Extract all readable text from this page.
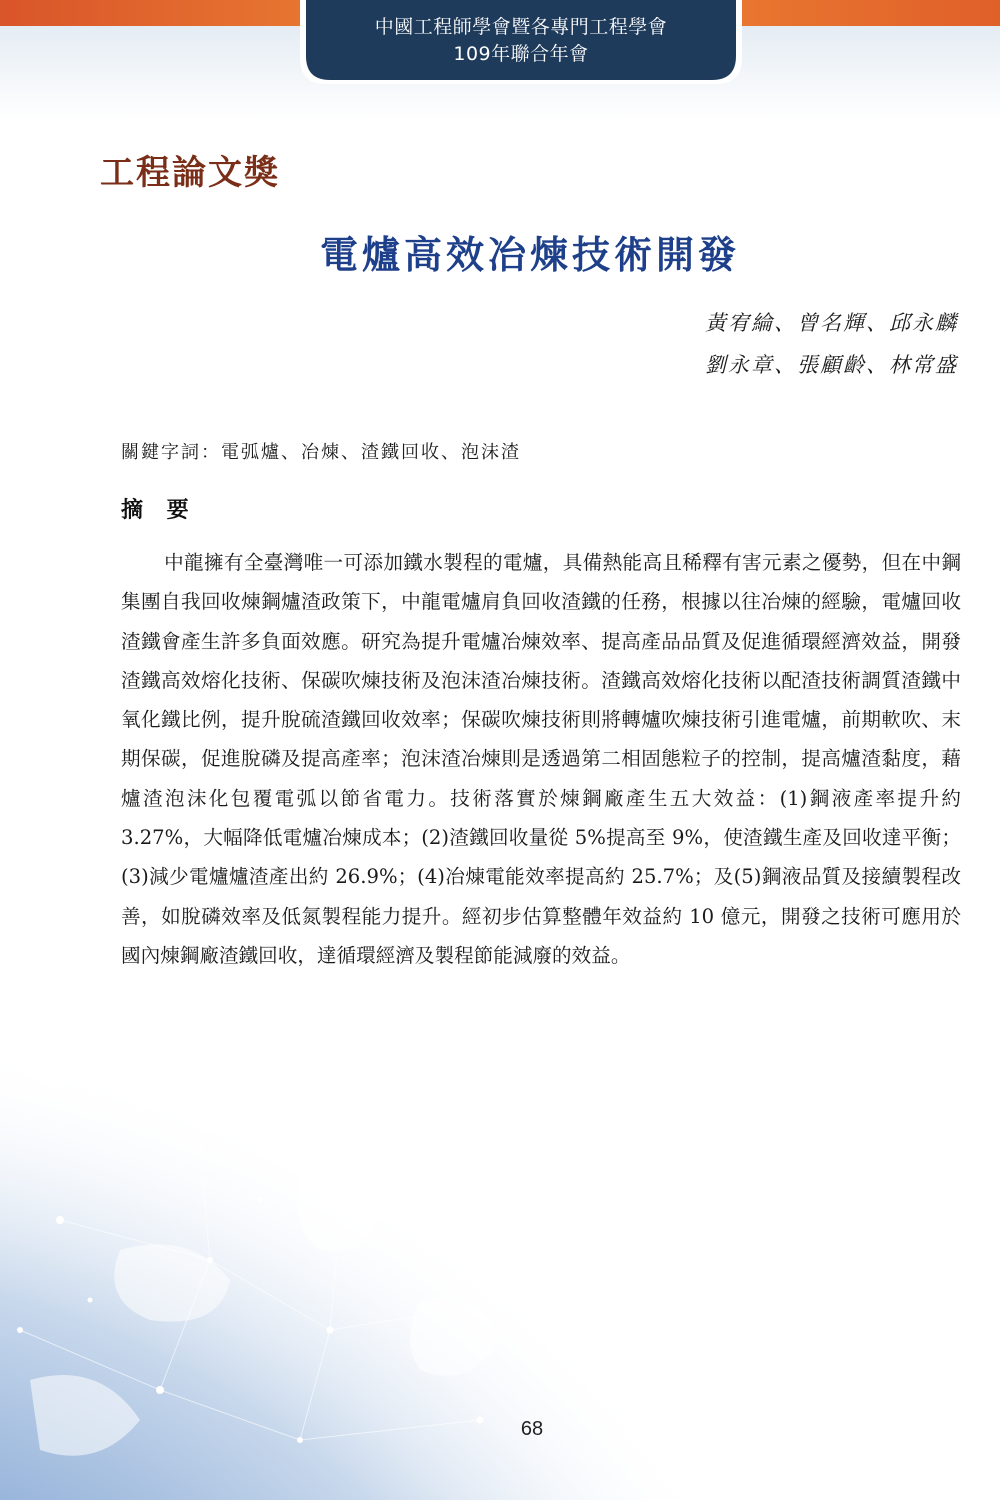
中國工程師學會暨各專門工程學會
109年聯合年會
工程論文獎
電爐高效冶煉技術開發
黃宥綸、曾名輝、邱永麟
劉永章、張顧齡、林常盛
關鍵字詞：電弧爐、冶煉、渣鐵回收、泡沫渣
摘 要
中龍擁有全臺灣唯一可添加鐵水製程的電爐，具備熱能高且稀釋有害元素之優勢，但在中鋼集團自我回收煉鋼爐渣政策下，中龍電爐肩負回收渣鐵的任務，根據以往冶煉的經驗，電爐回收渣鐵會產生許多負面效應。研究為提升電爐冶煉效率、提高產品品質及促進循環經濟效益，開發渣鐵高效熔化技術、保碳吹煉技術及泡沫渣冶煉技術。渣鐵高效熔化技術以配渣技術調質渣鐵中氧化鐵比例，提升脫硫渣鐵回收效率；保碳吹煉技術則將轉爐吹煉技術引進電爐，前期軟吹、末期保碳，促進脫磷及提高產率；泡沫渣冶煉則是透過第二相固態粒子的控制，提高爐渣黏度，藉爐渣泡沫化包覆電弧以節省電力。技術落實於煉鋼廠產生五大效益：(1)鋼液產率提升約 3.27%，大幅降低電爐冶煉成本；(2)渣鐵回收量從 5%提高至 9%，使渣鐵生產及回收達平衡；(3)減少電爐爐渣產出約 26.9%；(4)冶煉電能效率提高約 25.7%；及(5)鋼液品質及接續製程改善，如脫磷效率及低氮製程能力提升。經初步估算整體年效益約 10 億元，開發之技術可應用於國內煉鋼廠渣鐵回收，達循環經濟及製程節能減廢的效益。
68
